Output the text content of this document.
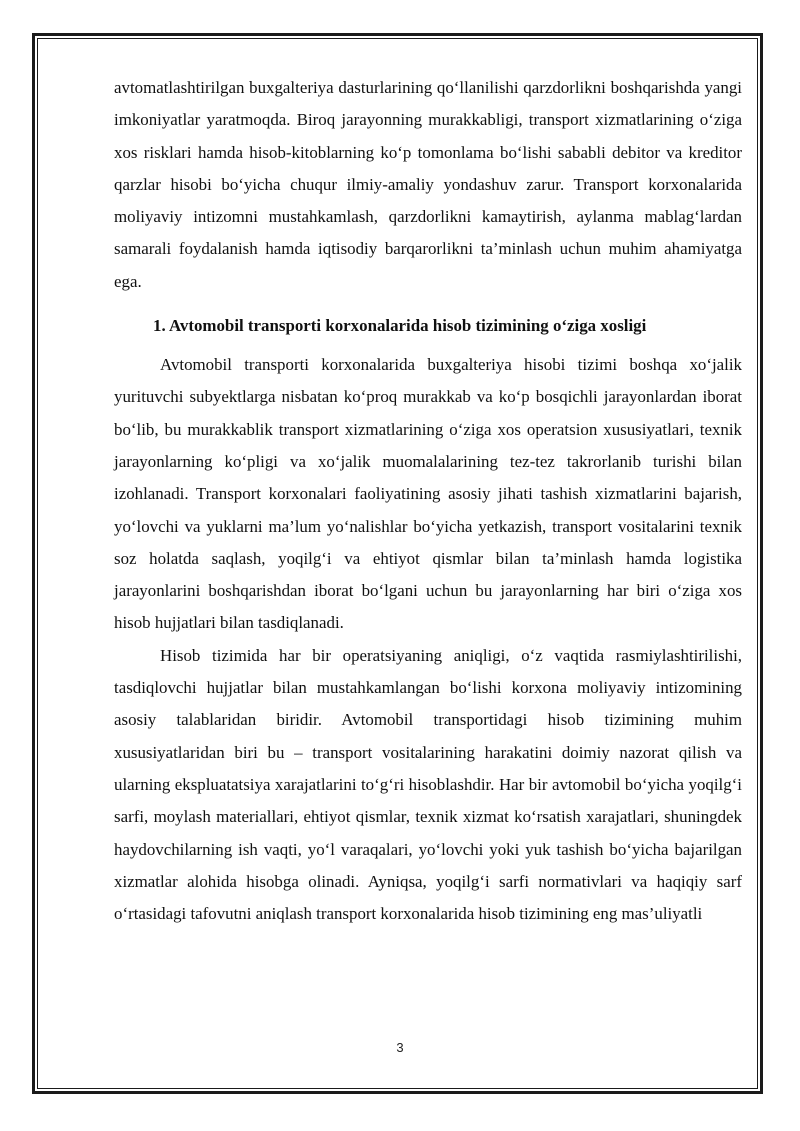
avtomatlashtirilgan buxgalteriya dasturlarining qo‘llanilishi qarzdorlikni boshqarishda yangi imkoniyatlar yaratmoqda. Biroq jarayonning murakkabligi, transport xizmatlarining o‘ziga xos risklari hamda hisob-kitoblarning ko‘p tomonlama bo‘lishi sababli debitor va kreditor qarzlar hisobi bo‘yicha chuqur ilmiy-amaliy yondashuv zarur. Transport korxonalarida moliyaviy intizomni mustahkamlash, qarzdorlikni kamaytirish, aylanma mablag‘lardan samarali foydalanish hamda iqtisodiy barqarorlikni ta’minlash uchun muhim ahamiyatga ega.

1. Avtomobil transporti korxonalarida hisob tizimining o‘ziga xosligi

Avtomobil transporti korxonalarida buxgalteriya hisobi tizimi boshqa xo‘jalik yurituvchi subyektlarga nisbatan ko‘proq murakkab va ko‘p bosqichli jarayonlardan iborat bo‘lib, bu murakkablik transport xizmatlarining o‘ziga xos operatsion xususiyatlari, texnik jarayonlarning ko‘pligi va xo‘jalik muomalalarining tez-tez takrorlanib turishi bilan izohlanadi. Transport korxonalari faoliyatining asosiy jihati tashish xizmatlarini bajarish, yo‘lovchi va yuklarni ma’lum yo‘nalishlar bo‘yicha yetkazish, transport vositalarini texnik soz holatda saqlash, yoqilg‘i va ehtiyot qismlar bilan ta’minlash hamda logistika jarayonlarini boshqarishdan iborat bo‘lgani uchun bu jarayonlarning har biri o‘ziga xos hisob hujjatlari bilan tasdiqlanadi.

Hisob tizimida har bir operatsiyaning aniqligi, o‘z vaqtida rasmiylashtirilishi, tasdiqlovchi hujjatlar bilan mustahkamlangan bo‘lishi korxona moliyaviy intizomining asosiy talablaridan biridir. Avtomobil transportidagi hisob tizimining muhim xususiyatlaridan biri bu – transport vositalarining harakatini doimiy nazorat qilish va ularning ekspluatatsiya xarajatlarini to‘g‘ri hisoblashdir. Har bir avtomobil bo‘yicha yoqilg‘i sarfi, moylash materiallari, ehtiyot qismlar, texnik xizmat ko‘rsatish xarajatlari, shuningdek haydovchilarning ish vaqti, yo‘l varaqalari, yo‘lovchi yoki yuk tashish bo‘yicha bajarilgan xizmatlar alohida hisobga olinadi. Ayniqsa, yoqilg‘i sarfi normativlari va haqiqiy sarf o‘rtasidagi tafovutni aniqlash transport korxonalarida hisob tizimining eng mas’uliyatli

3
